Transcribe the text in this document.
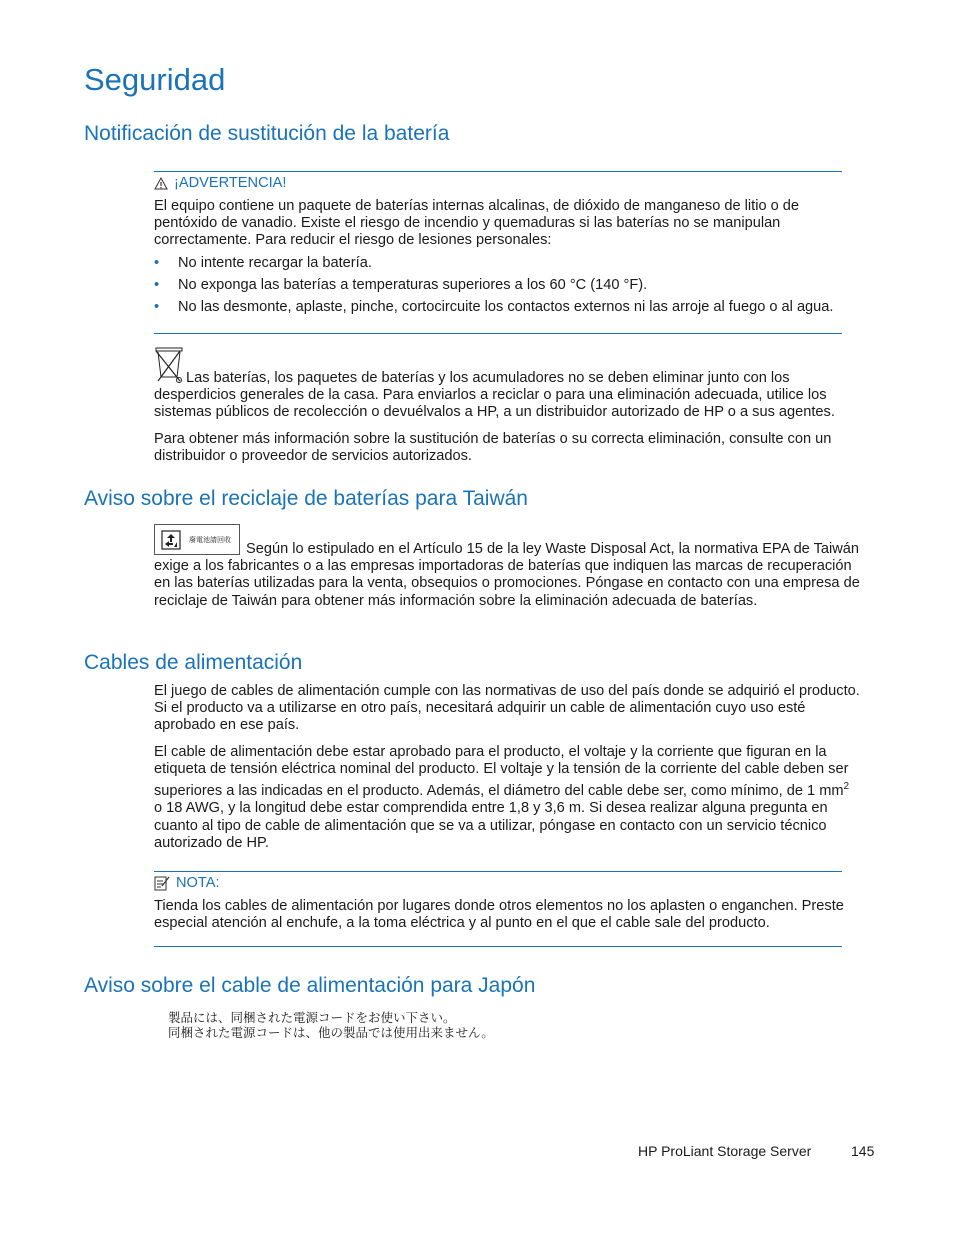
Seguridad
Notificación de sustitución de la batería
¡ADVERTENCIA!

El equipo contiene un paquete de baterías internas alcalinas, de dióxido de manganeso de litio o de pentóxido de vanadio. Existe el riesgo de incendio y quemaduras si las baterías no se manipulan correctamente. Para reducir el riesgo de lesiones personales:

• No intente recargar la batería.
• No exponga las baterías a temperaturas superiores a los 60 °C (140 °F).
• No las desmonte, aplaste, pinche, cortocircuite los contactos externos ni las arroje al fuego o al agua.

Las baterías, los paquetes de baterías y los acumuladores no se deben eliminar junto con los desperdicios generales de la casa. Para enviarlos a reciclar o para una eliminación adecuada, utilice los sistemas públicos de recolección o devuélvalos a HP, a un distribuidor autorizado de HP o a sus agentes.

Para obtener más información sobre la sustitución de baterías o su correcta eliminación, consulte con un distribuidor o proveedor de servicios autorizados.

Aviso sobre el reciclaje de baterías para Taiwán
廢電池請回收

Según lo estipulado en el Artículo 15 de la ley Waste Disposal Act, la normativa EPA de Taiwán exige a los fabricantes o a las empresas importadoras de baterías que indiquen las marcas de recuperación en las baterías utilizadas para la venta, obsequios o promociones. Póngase en contacto con una empresa de reciclaje de Taiwán para obtener más información sobre la eliminación adecuada de baterías.

Cables de alimentación

El juego de cables de alimentación cumple con las normativas de uso del país donde se adquirió el producto. Si el producto va a utilizarse en otro país, necesitará adquirir un cable de alimentación cuyo uso esté aprobado en ese país.

El cable de alimentación debe estar aprobado para el producto, el voltaje y la corriente que figuran en la etiqueta de tensión eléctrica nominal del producto. El voltaje y la tensión de la corriente del cable deben ser superiores a las indicadas en el producto. Además, el diámetro del cable debe ser, como mínimo, de 1 $mm^2$ o 18 AWG, y la longitud debe estar comprendida entre 1,8 y 3,6 m. Si desea realizar alguna pregunta en cuanto al tipo de cable de alimentación que se va a utilizar, póngase en contacto con un servicio técnico autorizado de HP.

NOTA:

Tienda los cables de alimentación por lugares donde otros elementos no los aplasten o enganchen. Preste especial atención al enchufe, a la toma eléctrica y al punto en el que el cable sale del producto.

Aviso sobre el cable de alimentación para Japón
製品には、同梱された電源コードをお使い下さい。
同梱された電源コードは、他の製品では使用出来ません。
HP ProLiant Storage Server	145
